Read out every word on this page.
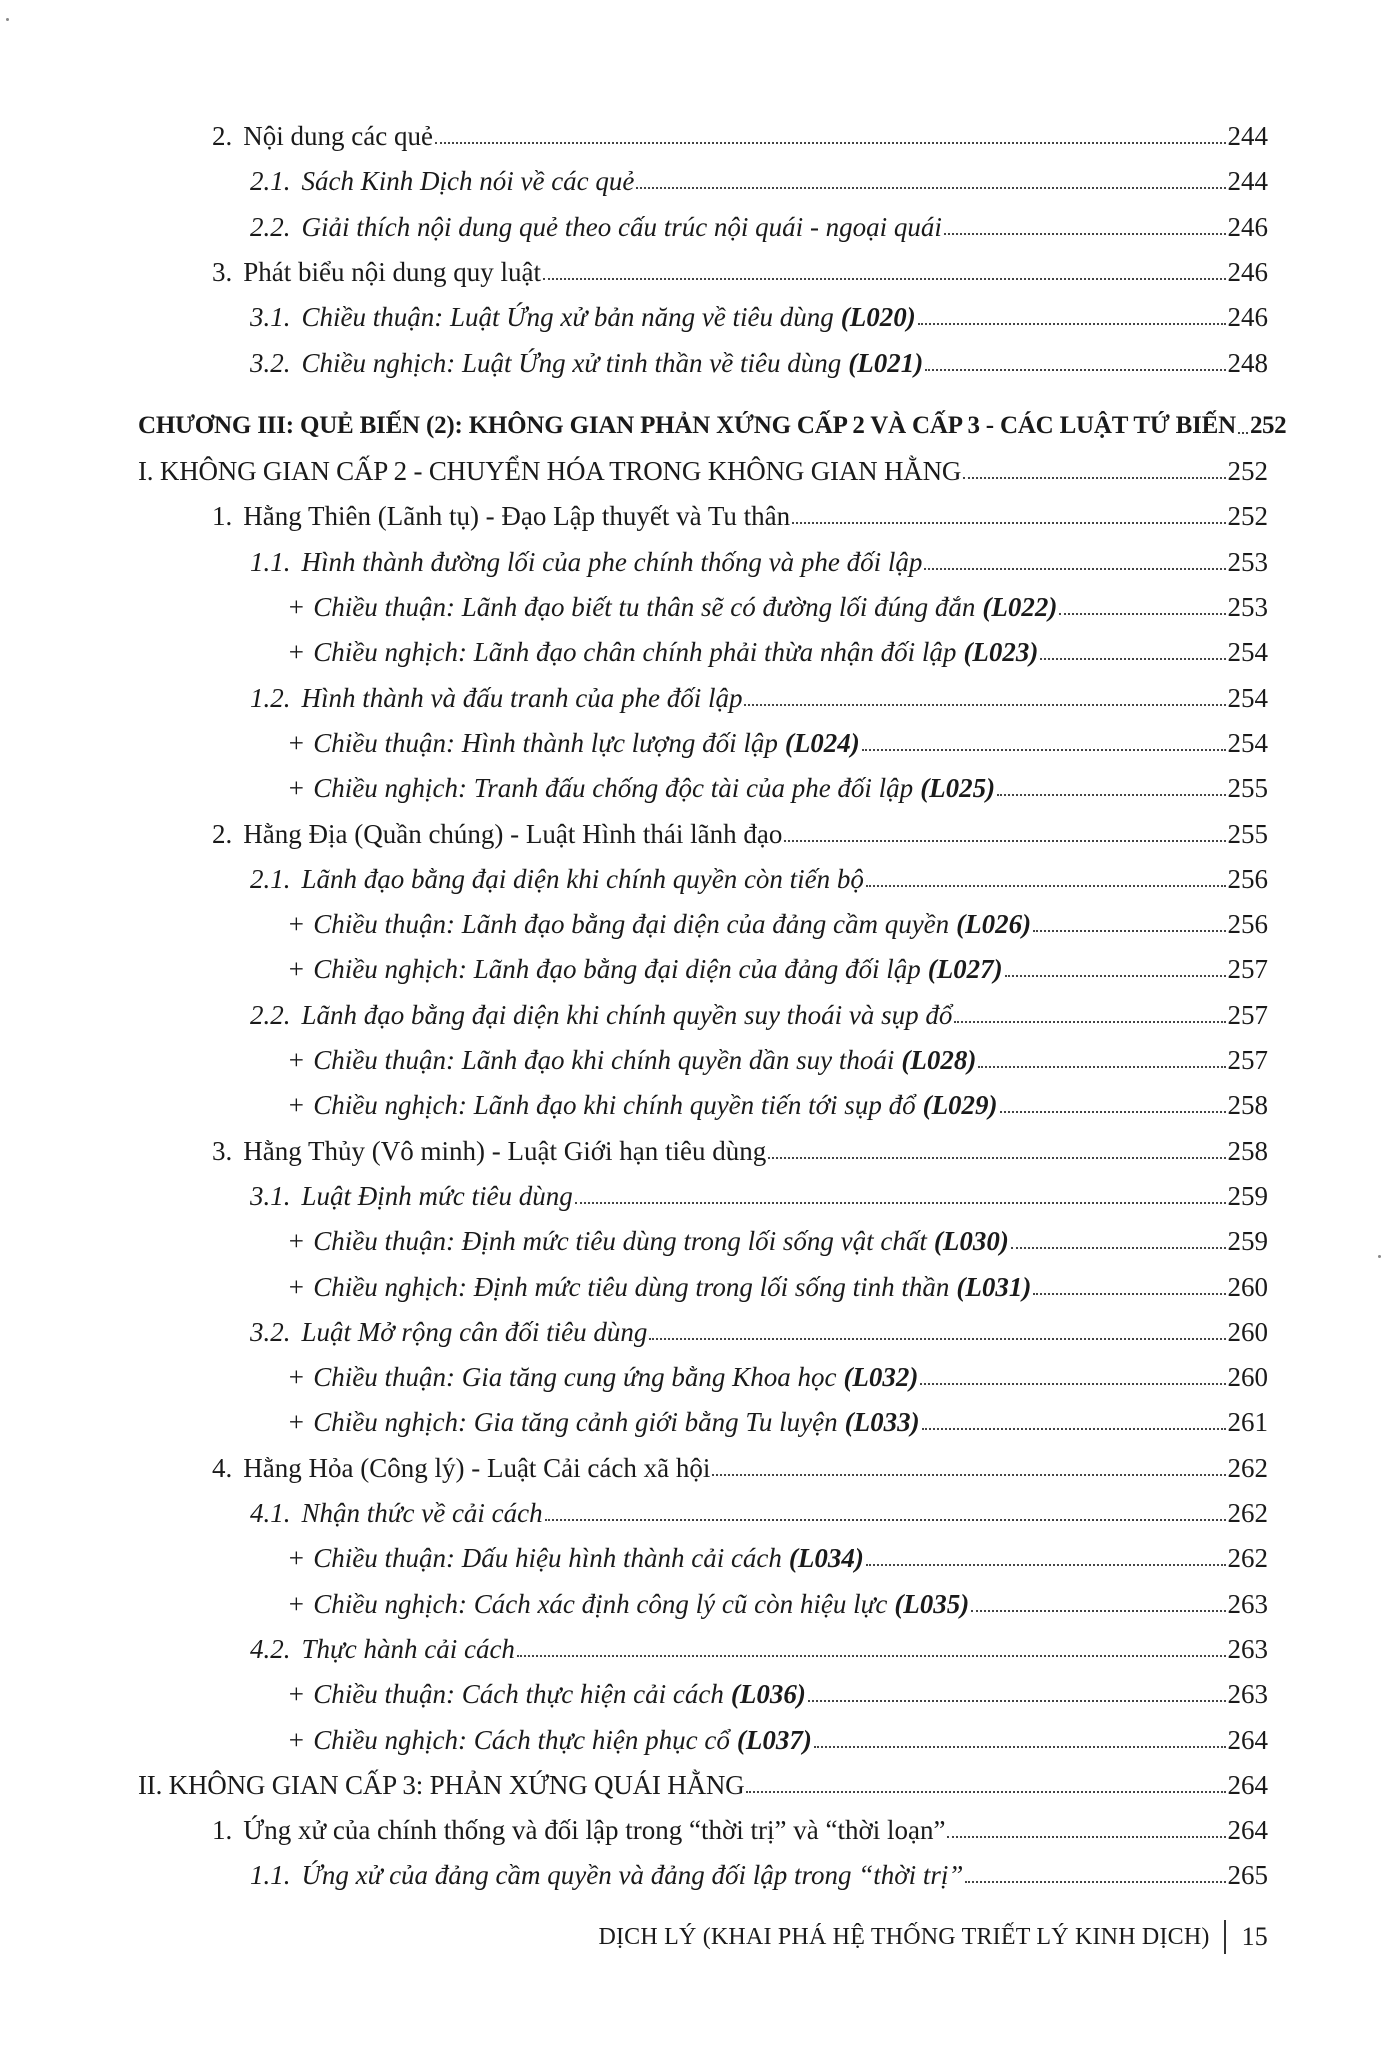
2. Nội dung các quẻ	244
2.1. Sách Kinh Dịch nói về các quẻ	244
2.2. Giải thích nội dung quẻ theo cấu trúc nội quái - ngoại quái	246
3. Phát biểu nội dung quy luật	246
3.1. Chiều thuận: Luật Ứng xử bản năng về tiêu dùng (L020)	246
3.2. Chiều nghịch: Luật Ứng xử tinh thần về tiêu dùng (L021)	248
CHƯƠNG III: QUẺ BIẾN (2): KHÔNG GIAN PHẢN XỨNG CẤP 2 VÀ CẤP 3 - CÁC LUẬT TỨ BIẾN 252
I. KHÔNG GIAN CẤP 2 - CHUYỂN HÓA TRONG KHÔNG GIAN HẰNG	252
1. Hằng Thiên (Lãnh tụ) - Đạo Lập thuyết và Tu thân	252
1.1. Hình thành đường lối của phe chính thống và phe đối lập	253
+ Chiều thuận: Lãnh đạo biết tu thân sẽ có đường lối đúng đắn (L022)	253
+ Chiều nghịch: Lãnh đạo chân chính phải thừa nhận đối lập (L023)	254
1.2. Hình thành và đấu tranh của phe đối lập	254
+ Chiều thuận: Hình thành lực lượng đối lập (L024)	254
+ Chiều nghịch: Tranh đấu chống độc tài của phe đối lập (L025)	255
2. Hằng Địa (Quần chúng) - Luật Hình thái lãnh đạo	255
2.1. Lãnh đạo bằng đại diện khi chính quyền còn tiến bộ	256
+ Chiều thuận: Lãnh đạo bằng đại diện của đảng cầm quyền (L026)	256
+ Chiều nghịch: Lãnh đạo bằng đại diện của đảng đối lập (L027)	257
2.2. Lãnh đạo bằng đại diện khi chính quyền suy thoái và sụp đổ	257
+ Chiều thuận: Lãnh đạo khi chính quyền dần suy thoái (L028)	257
+ Chiều nghịch: Lãnh đạo khi chính quyền tiến tới sụp đổ (L029)	258
3. Hằng Thủy (Vô minh) - Luật Giới hạn tiêu dùng	258
3.1. Luật Định mức tiêu dùng	259
+ Chiều thuận: Định mức tiêu dùng trong lối sống vật chất (L030)	259
+ Chiều nghịch: Định mức tiêu dùng trong lối sống tinh thần (L031)	260
3.2. Luật Mở rộng cân đối tiêu dùng	260
+ Chiều thuận: Gia tăng cung ứng bằng Khoa học (L032)	260
+ Chiều nghịch: Gia tăng cảnh giới bằng Tu luyện (L033)	261
4. Hằng Hỏa (Công lý) - Luật Cải cách xã hội	262
4.1. Nhận thức về cải cách	262
+ Chiều thuận: Dấu hiệu hình thành cải cách (L034)	262
+ Chiều nghịch: Cách xác định công lý cũ còn hiệu lực (L035)	263
4.2. Thực hành cải cách	263
+ Chiều thuận: Cách thực hiện cải cách (L036)	263
+ Chiều nghịch: Cách thực hiện phục cổ (L037)	264
II. KHÔNG GIAN CẤP 3: PHẢN XỨNG QUÁI HẰNG	264
1. Ứng xử của chính thống và đối lập trong “thời trị” và “thời loạn”	264
1.1. Ứng xử của đảng cầm quyền và đảng đối lập trong “thời trị”	265
DỊCH LÝ (KHAI PHÁ HỆ THỐNG TRIẾT LÝ KINH DỊCH) 15
